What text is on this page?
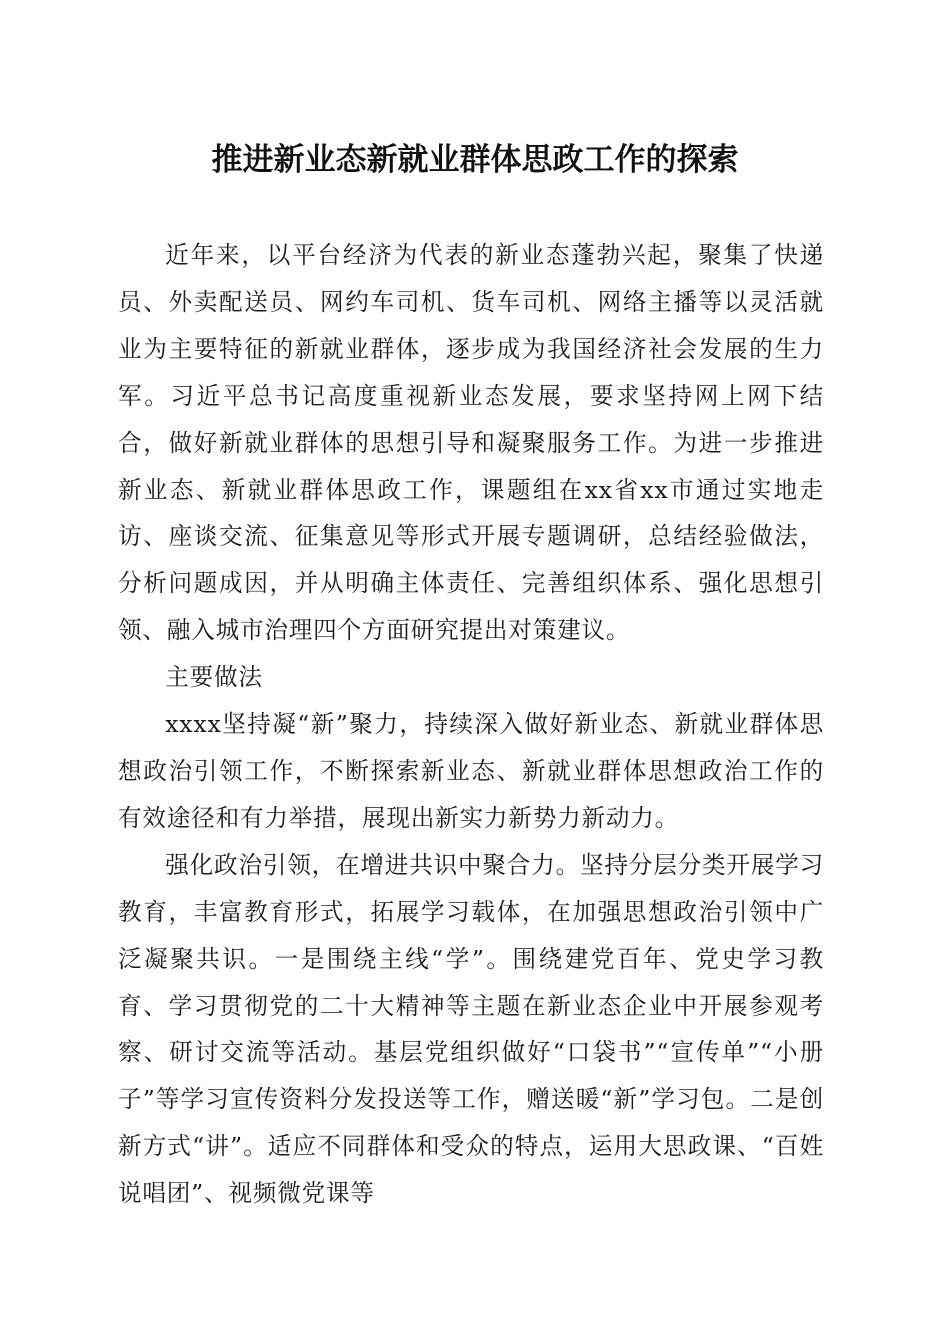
推进新业态新就业群体思政工作的探索

近年来，以平台经济为代表的新业态蓬勃兴起，聚集了快递员、外卖配送员、网约车司机、货车司机、网络主播等以灵活就业为主要特征的新就业群体，逐步成为我国经济社会发展的生力军。习近平总书记高度重视新业态发展，要求坚持网上网下结合，做好新就业群体的思想引导和凝聚服务工作。为进一步推进新业态、新就业群体思政工作，课题组在xx省xx市通过实地走访、座谈交流、征集意见等形式开展专题调研，总结经验做法，分析问题成因，并从明确主体责任、完善组织体系、强化思想引领、融入城市治理四个方面研究提出对策建议。

主要做法

xxxx坚持凝“新”聚力，持续深入做好新业态、新就业群体思想政治引领工作，不断探索新业态、新就业群体思想政治工作的有效途径和有力举措，展现出新实力新势力新动力。

强化政治引领，在增进共识中聚合力。坚持分层分类开展学习教育，丰富教育形式，拓展学习载体，在加强思想政治引领中广泛凝聚共识。一是围绕主线“学”。围绕建党百年、党史学习教育、学习贯彻党的二十大精神等主题在新业态企业中开展参观考察、研讨交流等活动。基层党组织做好“口袋书”“宣传单”“小册子”等学习宣传资料分发投送等工作，赠送暖“新”学习包。二是创新方式“讲”。适应不同群体和受众的特点，运用大思政课、“百姓说唱团”、视频微党课等
